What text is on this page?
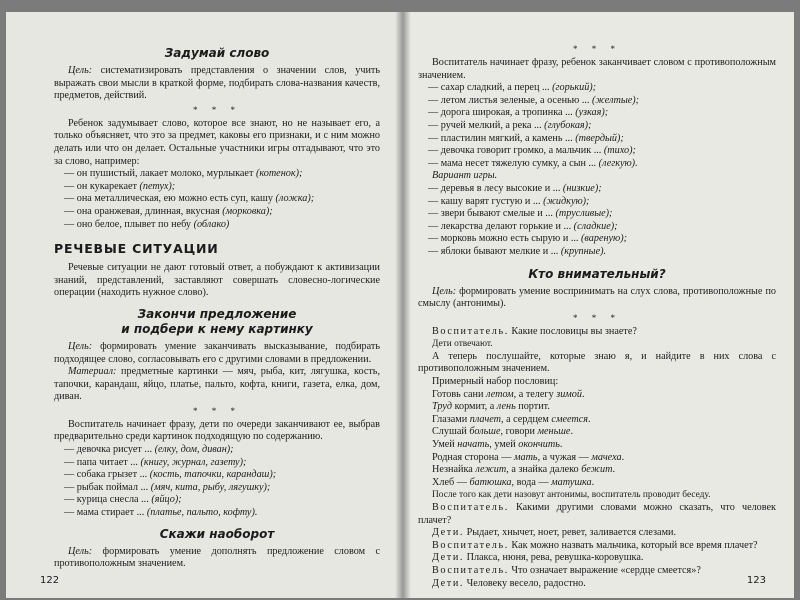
Задумай слово

Цель: систематизировать представления о значении слов, учить выражать свои мысли в краткой форме, подбирать слова-названия качеств, предметов, действий.

* * *

Ребенок задумывает слово, которое все знают, но не называет его, а только объясняет, что это за предмет, каковы его признаки, и с ним можно делать или что он делает. Остальные участники игры отгадывают, что это за слово, например:

— он пушистый, лакает молоко, мурлыкает (котенок);

— он кукарекает (петух);

— она металлическая, ею можно есть суп, кашу (ложка);

— она оранжевая, длинная, вкусная (морковка);

— оно белое, плывет по небу (облако)

РЕЧЕВЫЕ СИТУАЦИИ

Речевые ситуации не дают готовый ответ, а побуждают к активизации знаний, представлений, заставляют совершать словесно-логические операции (находить нужное слово).

Закончи предложение
и подбери к нему картинку

Цель: формировать умение заканчивать высказывание, подбирать подходящее слово, согласовывать его с другими словами в предложении.

Материал: предметные картинки — мяч, рыба, кит, лягушка, кость, тапочки, карандаш, яйцо, платье, пальто, кофта, книги, газета, елка, дом, диван.

* * *

Воспитатель начинает фразу, дети по очереди заканчивают ее, выбрав предварительно среди картинок подходящую по содержанию.

— девочка рисует ... (елку, дом, диван);

— папа читает ... (книгу, журнал, газету);

— собака грызет ... (кость, тапочки, карандаш);

— рыбак поймал ... (мяч, кита, рыбу, лягушку);

— курица снесла ... (яйцо);

— мама стирает ... (платье, пальто, кофту).

Скажи наоборот

Цель: формировать умение дополнять предложение словом с противоположным значением.

122
* * *

Воспитатель начинает фразу, ребенок заканчивает словом с противоположным значением.

— сахар сладкий, а перец ... (горький);

— летом листья зеленые, а осенью ... (желтые);

— дорога широкая, а тропинка ... (узкая);

— ручей мелкий, а река ... (глубокая);

— пластилин мягкий, а камень ... (твердый);

— девочка говорит громко, а мальчик ... (тихо);

— мама несет тяжелую сумку, а сын ... (легкую).

Вариант игры.

— деревья в лесу высокие и ... (низкие);

— кашу варят густую и ... (жидкую);

— звери бывают смелые и ... (трусливые);

— лекарства делают горькие и ... (сладкие);

— морковь можно есть сырую и ... (вареную);

— яблоки бывают мелкие и ... (крупные).

Кто внимательный?

Цель: формировать умение воспринимать на слух слова, противоположные по смыслу (антонимы).

* * *

Воспитатель. Какие пословицы вы знаете?

Дети отвечают.

А теперь послушайте, которые знаю я, и найдите в них слова с противоположным значением.

Примерный набор пословиц:

Готовь сани летом, а телегу зимой.

Труд кормит, а лень портит.

Глазами плачет, а сердцем смеется.

Слушай больше, говори меньше.

Умей начать, умей окончить.

Родная сторона — мать, а чужая — мачеха.

Незнайка лежит, а знайка далеко бежит.

Хлеб — батюшка, вода — матушка.

После того как дети назовут антонимы, воспитатель проводит беседу.

Воспитатель. Какими другими словами можно сказать, что человек плачет?

Дети. Рыдает, хнычет, ноет, ревет, заливается слезами.

Воспитатель. Как можно назвать мальчика, который все время плачет?

Дети. Плакса, нюня, рева, ревушка-коровушка.

Воспитатель. Что означает выражение «сердце смеется»?

Дети. Человеку весело, радостно.	123
